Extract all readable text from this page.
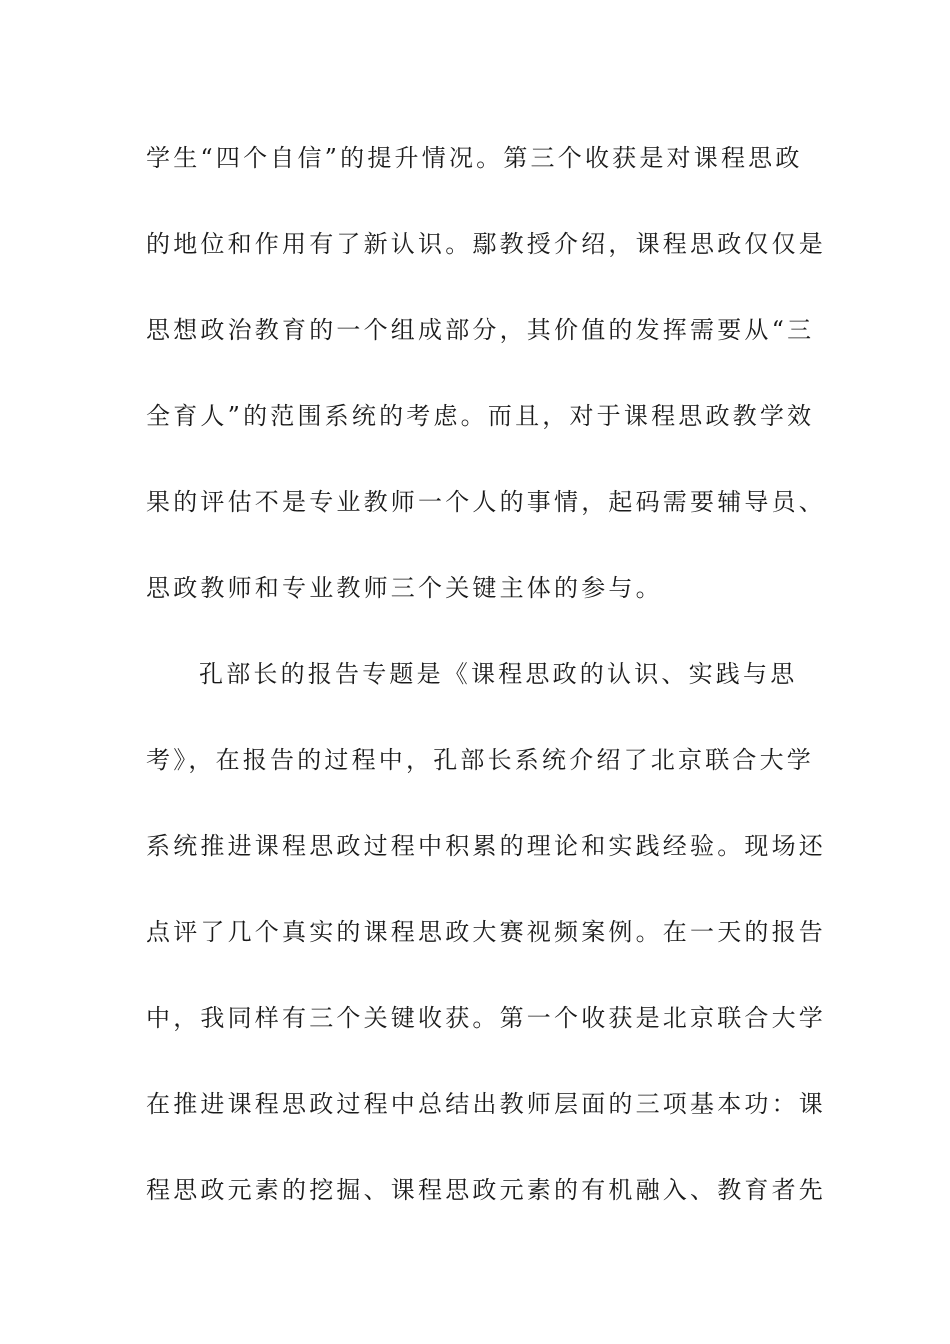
学生“四个自信”的提升情况。第三个收获是对课程思政
的地位和作用有了新认识。鄢教授介绍，课程思政仅仅是
思想政治教育的一个组成部分，其价值的发挥需要从“三
全育人”的范围系统的考虑。而且，对于课程思政教学效
果的评估不是专业教师一个人的事情，起码需要辅导员、
思政教师和专业教师三个关键主体的参与。
孔部长的报告专题是《课程思政的认识、实践与思
考》，在报告的过程中，孔部长系统介绍了北京联合大学
系统推进课程思政过程中积累的理论和实践经验。现场还
点评了几个真实的课程思政大赛视频案例。在一天的报告
中，我同样有三个关键收获。第一个收获是北京联合大学
在推进课程思政过程中总结出教师层面的三项基本功：课
程思政元素的挖掘、课程思政元素的有机融入、教育者先
